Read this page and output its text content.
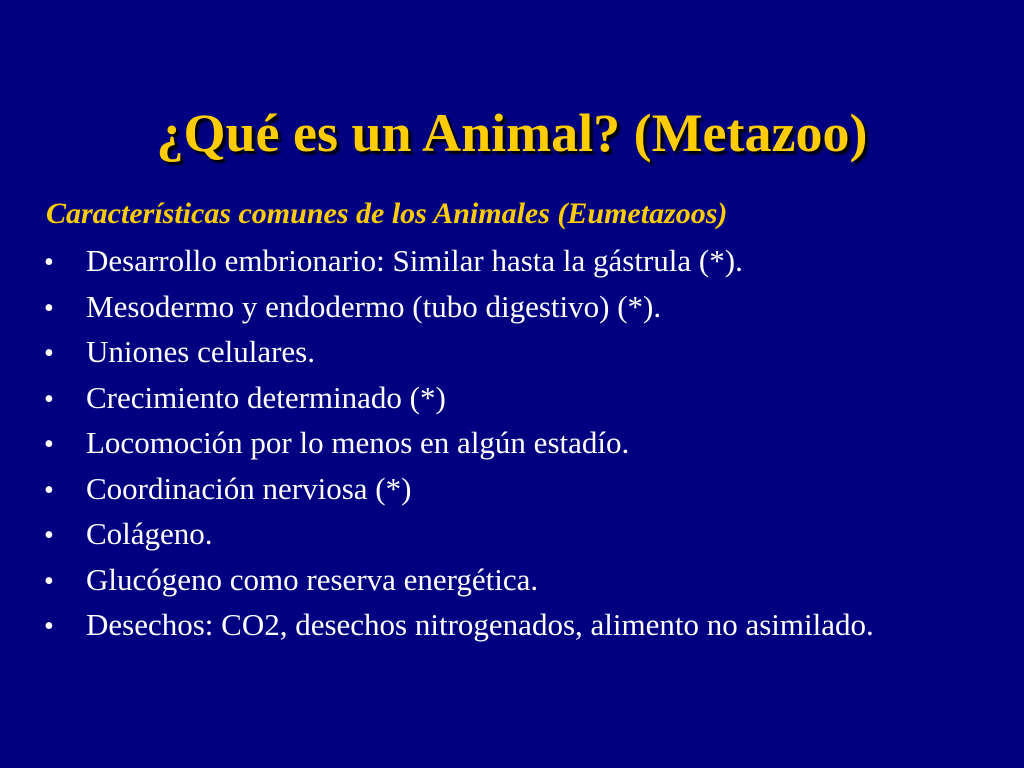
¿Qué es un Animal? (Metazoo)
Características comunes de los Animales (Eumetazoos)
•	Desarrollo embrionario: Similar hasta la gástrula (*).
•	Mesodermo y endodermo (tubo digestivo) (*).
•	Uniones celulares.
•	Crecimiento determinado (*)
•	Locomoción por lo menos en algún estadío.
•	Coordinación nerviosa (*)
•	Colágeno.
•	Glucógeno como reserva energética.
•	Desechos: CO2, desechos nitrogenados, alimento no asimilado.
